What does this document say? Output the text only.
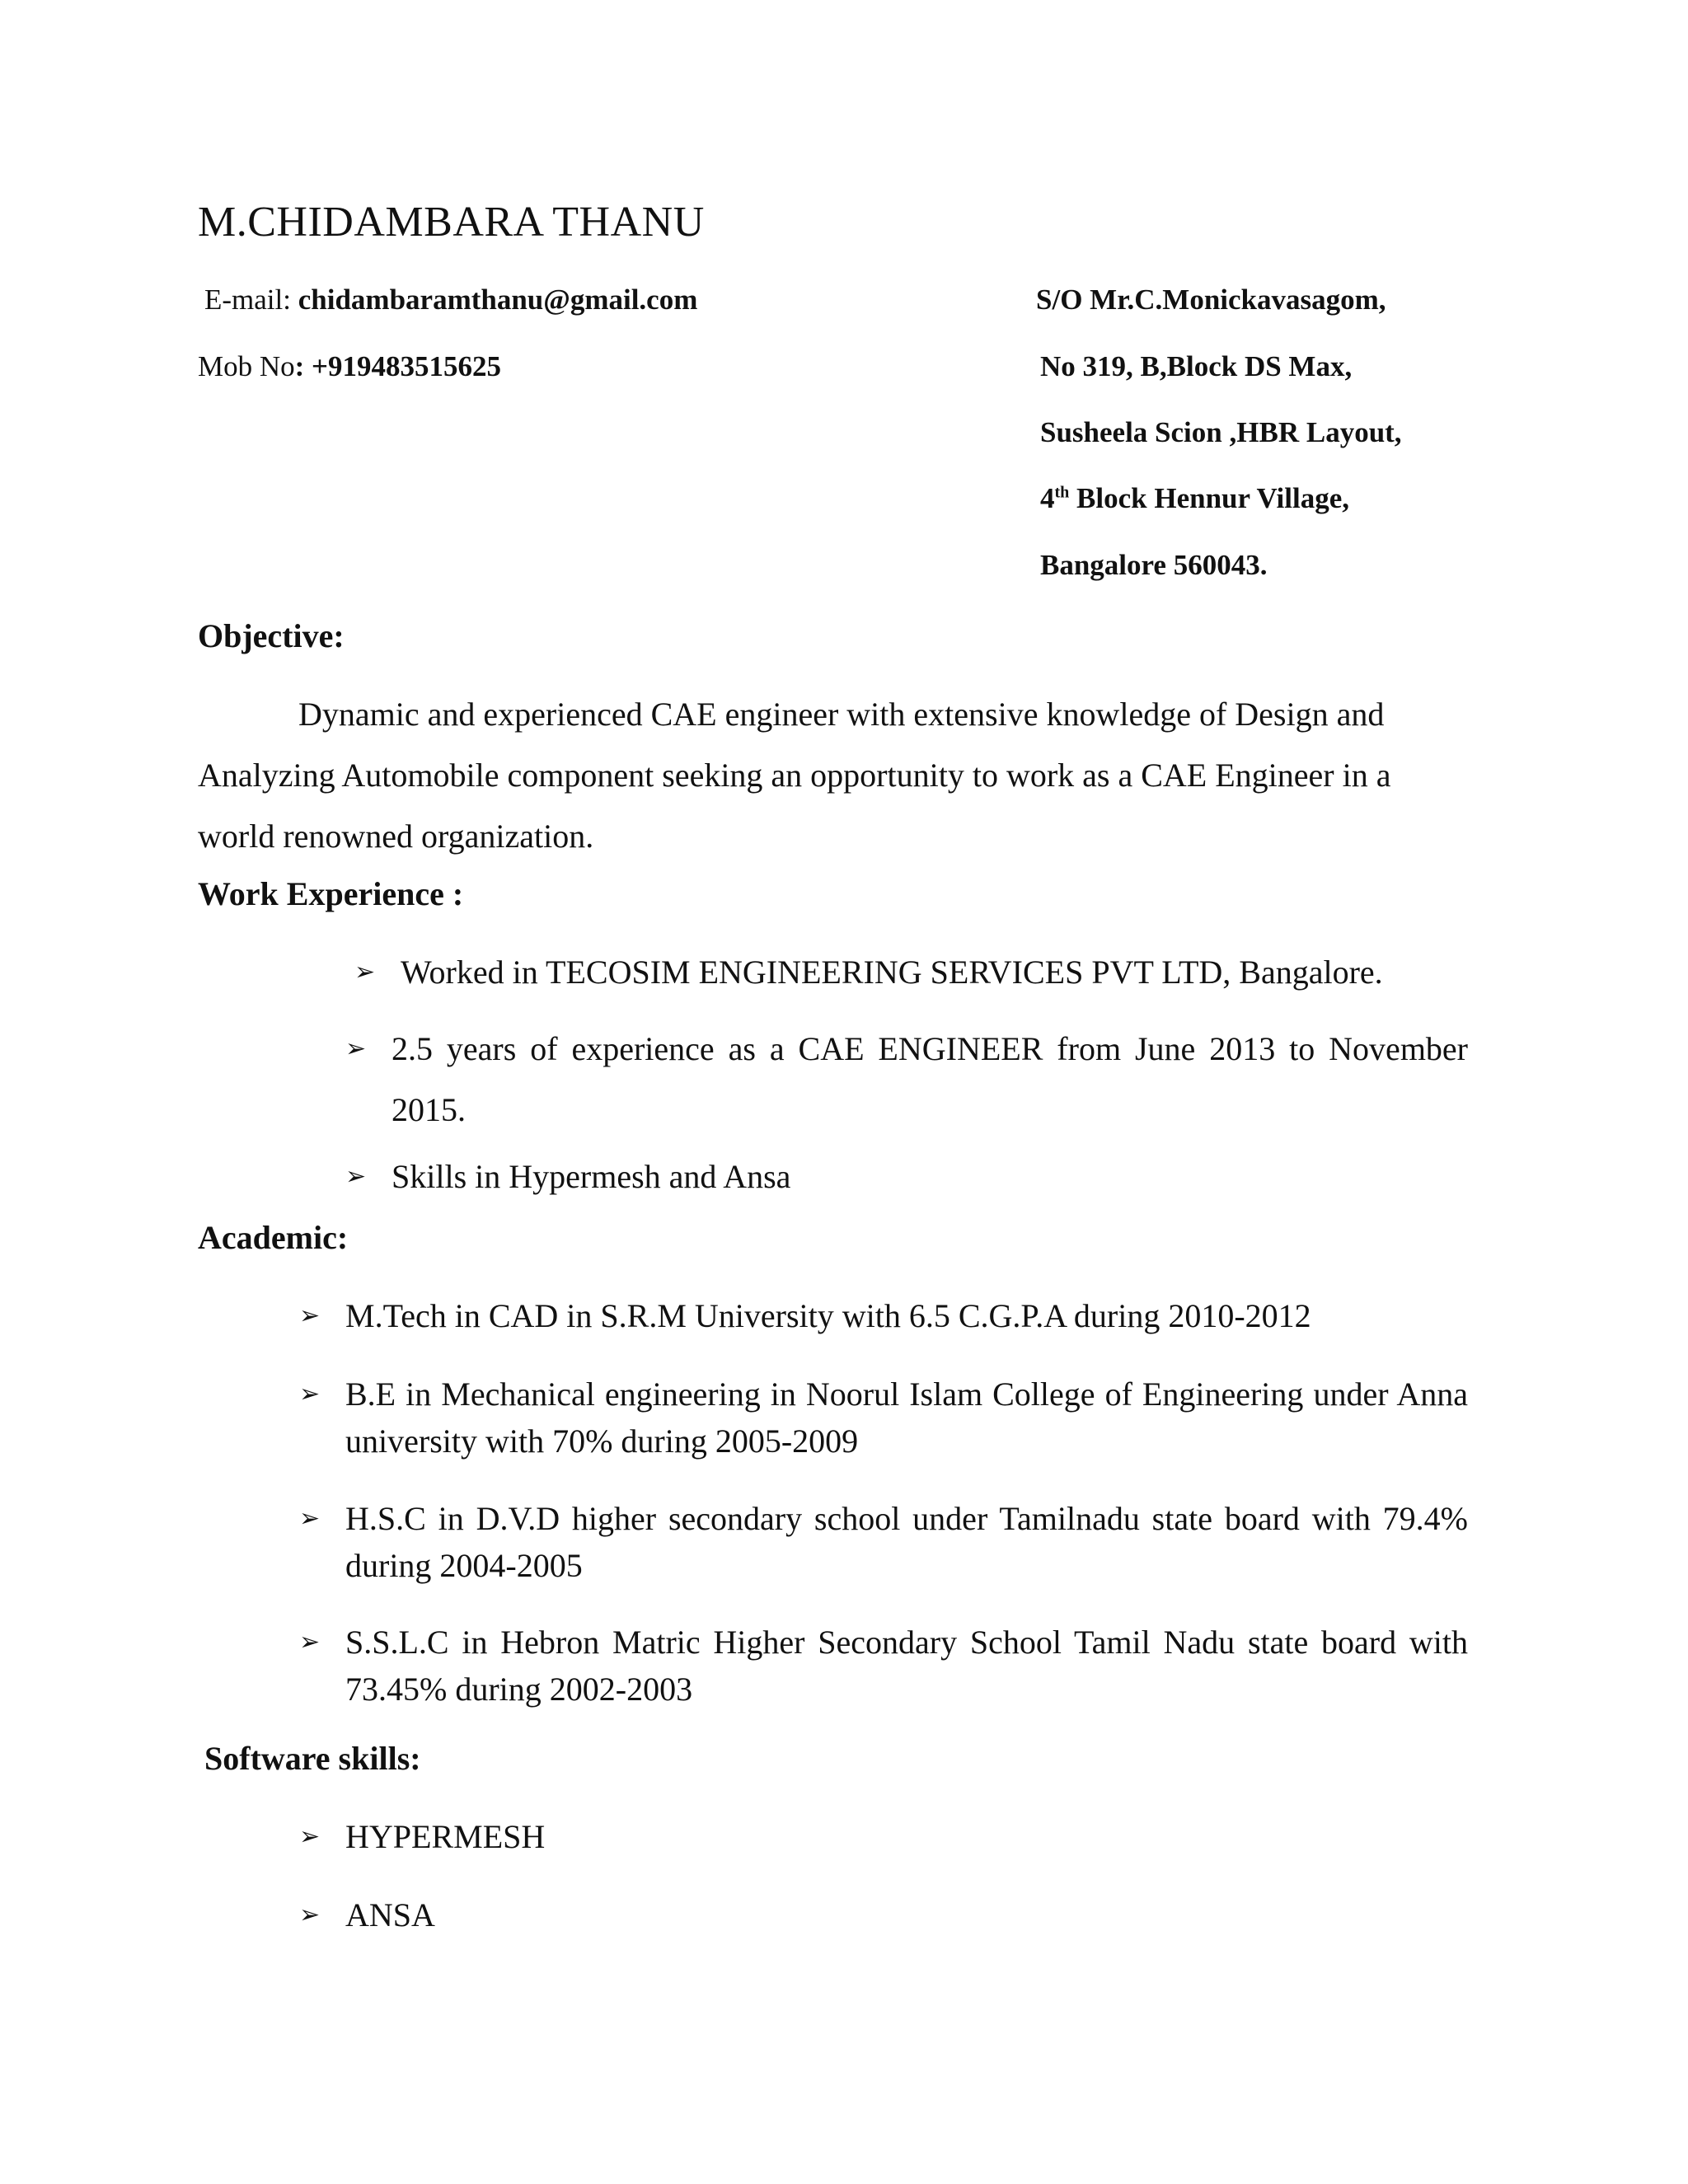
M.CHIDAMBARA THANU
E-mail: chidambaramthanu@gmail.com
Mob No: +919483515625
S/O Mr.C.Monickavasagom,
No 319, B,Block DS Max,
Susheela Scion ,HBR Layout,
4th Block Hennur Village,
Bangalore 560043.
Objective:
Dynamic and experienced CAE engineer with extensive knowledge of Design and Analyzing Automobile component seeking an opportunity to work as a CAE Engineer in a world renowned organization.
Work Experience :
➢ Worked in TECOSIM ENGINEERING SERVICES PVT LTD, Bangalore.
➢ 2.5 years of experience as a CAE ENGINEER from June 2013 to November 2015.
➢ Skills in Hypermesh and Ansa
Academic:
➢ M.Tech in CAD in S.R.M University with 6.5 C.G.P.A during 2010-2012
➢ B.E in Mechanical engineering in Noorul Islam College of Engineering under Anna university with 70% during 2005-2009
➢ H.S.C in D.V.D higher secondary school under Tamilnadu state board with 79.4% during 2004-2005
➢ S.S.L.C in Hebron Matric Higher Secondary School Tamil Nadu state board with 73.45% during 2002-2003
Software skills:
➢ HYPERMESH
➢ ANSA
